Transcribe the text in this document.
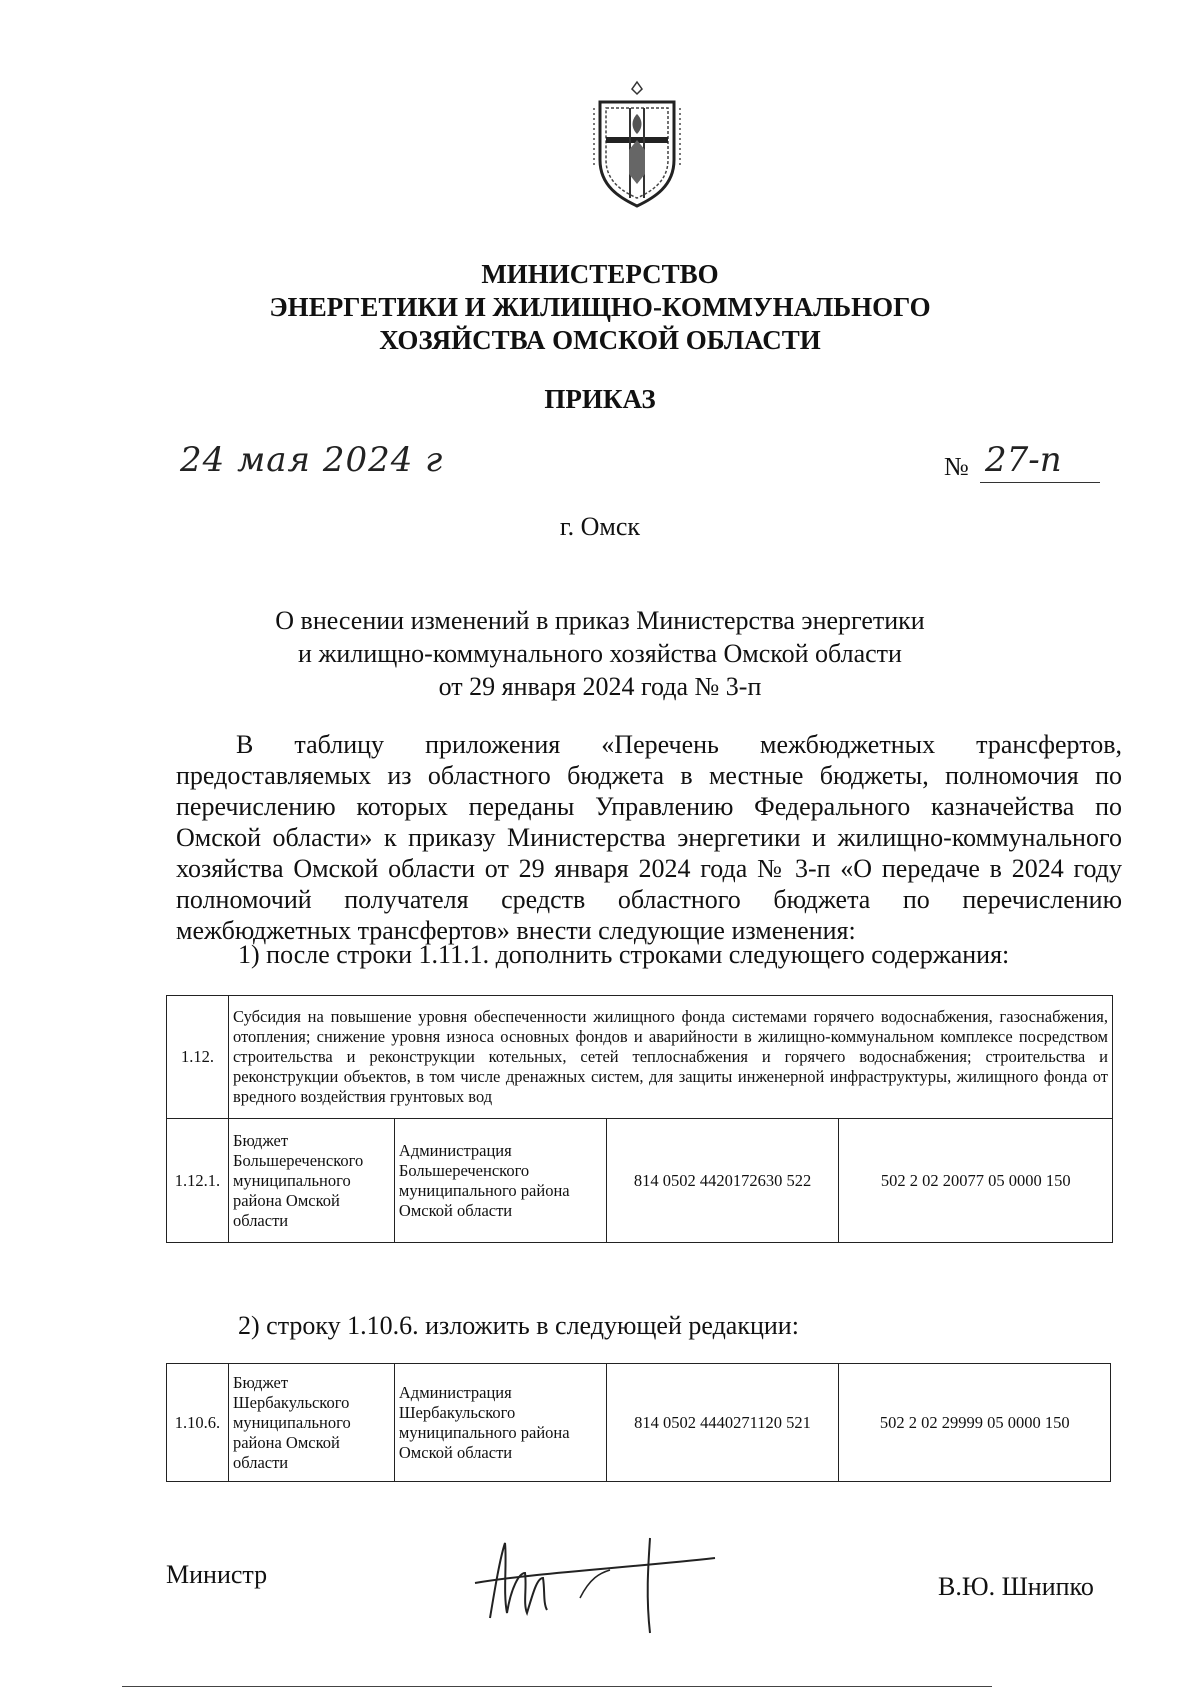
МИНИСТЕРСТВО
ЭНЕРГЕТИКИ И ЖИЛИЩНО-КОММУНАЛЬНОГО
ХОЗЯЙСТВА ОМСКОЙ ОБЛАСТИ
ПРИКАЗ
24 мая 2024 г	№ 27-п
г. Омск
О внесении изменений в приказ Министерства энергетики
и жилищно-коммунального хозяйства Омской области
от 29 января 2024 года № 3-п
В таблицу приложения «Перечень межбюджетных трансфертов, предоставляемых из областного бюджета в местные бюджеты, полномочия по перечислению которых переданы Управлению Федерального казначейства по Омской области» к приказу Министерства энергетики и жилищно-коммунального хозяйства Омской области от 29 января 2024 года № 3-п «О передаче в 2024 году полномочий получателя средств областного бюджета по перечислению межбюджетных трансфертов» внести следующие изменения:
1) после строки 1.11.1. дополнить строками следующего содержания:
1.12.	Субсидия на повышение уровня обеспеченности жилищного фонда системами горячего водоснабжения, газоснабжения, отопления; снижение уровня износа основных фондов и аварийности в жилищно-коммунальном комплексе посредством строительства и реконструкции котельных, сетей теплоснабжения и горячего водоснабжения; строительства и реконструкции объектов, в том числе дренажных систем, для защиты инженерной инфраструктуры, жилищного фонда от вредного воздействия грунтовых вод			
1.12.1.	Бюджет Большереченского муниципального района Омской области	Администрация Большереченского муниципального района Омской области	814 0502 4420172630 522	502 2 02 20077 05 0000 150
2) строку 1.10.6. изложить в следующей редакции:
1.10.6.	Бюджет Шербакульского муниципального района Омской области	Администрация Шербакульского муниципального района Омской области	814 0502 4440271120 521	502 2 02 29999 05 0000 150
Министр	В.Ю. Шнипко
